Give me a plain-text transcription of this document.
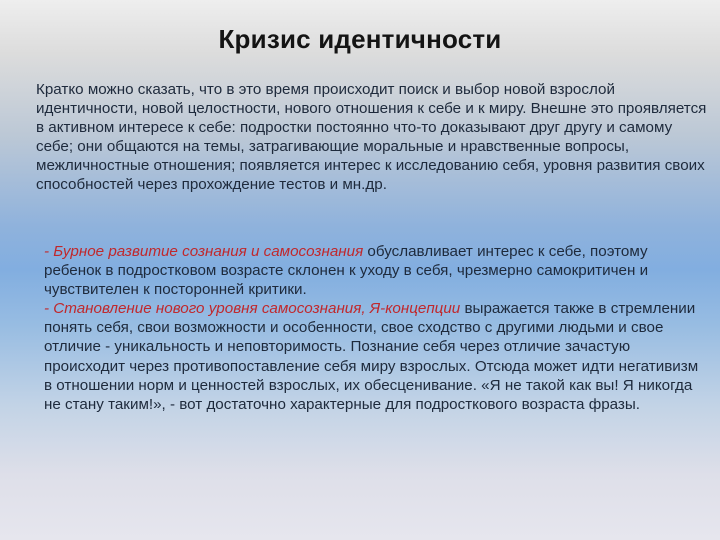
Кризис идентичности
Кратко можно сказать, что в это время происходит поиск и выбор новой взрослой идентичности, новой целостности, нового отношения к себе и к миру. Внешне это проявляется в активном интересе к себе: подростки постоянно что-то доказывают друг другу и самому себе; они общаются на темы, затрагивающие моральные и нравственные вопросы, межличностные отношения; появляется интерес к исследованию себя, уровня развития своих способностей через прохождение тестов и мн.др.

- Бурное развитие сознания и самосознания обуславливает интерес к себе, поэтому ребенок в подростковом возрасте склонен к уходу в себя, чрезмерно самокритичен и чувствителен к посторонней критики.

- Становление нового уровня самосознания, Я-концепции выражается также в стремлении понять себя, свои возможности и особенности, свое сходство с другими людьми и свое отличие - уникальность и неповторимость. Познание себя через отличие зачастую происходит через противопоставление себя миру взрослых. Отсюда может идти негативизм в отношении норм и ценностей взрослых, их обесценивание. «Я не такой как вы! Я никогда не стану таким!», - вот достаточно характерные для подросткового возраста фразы.
